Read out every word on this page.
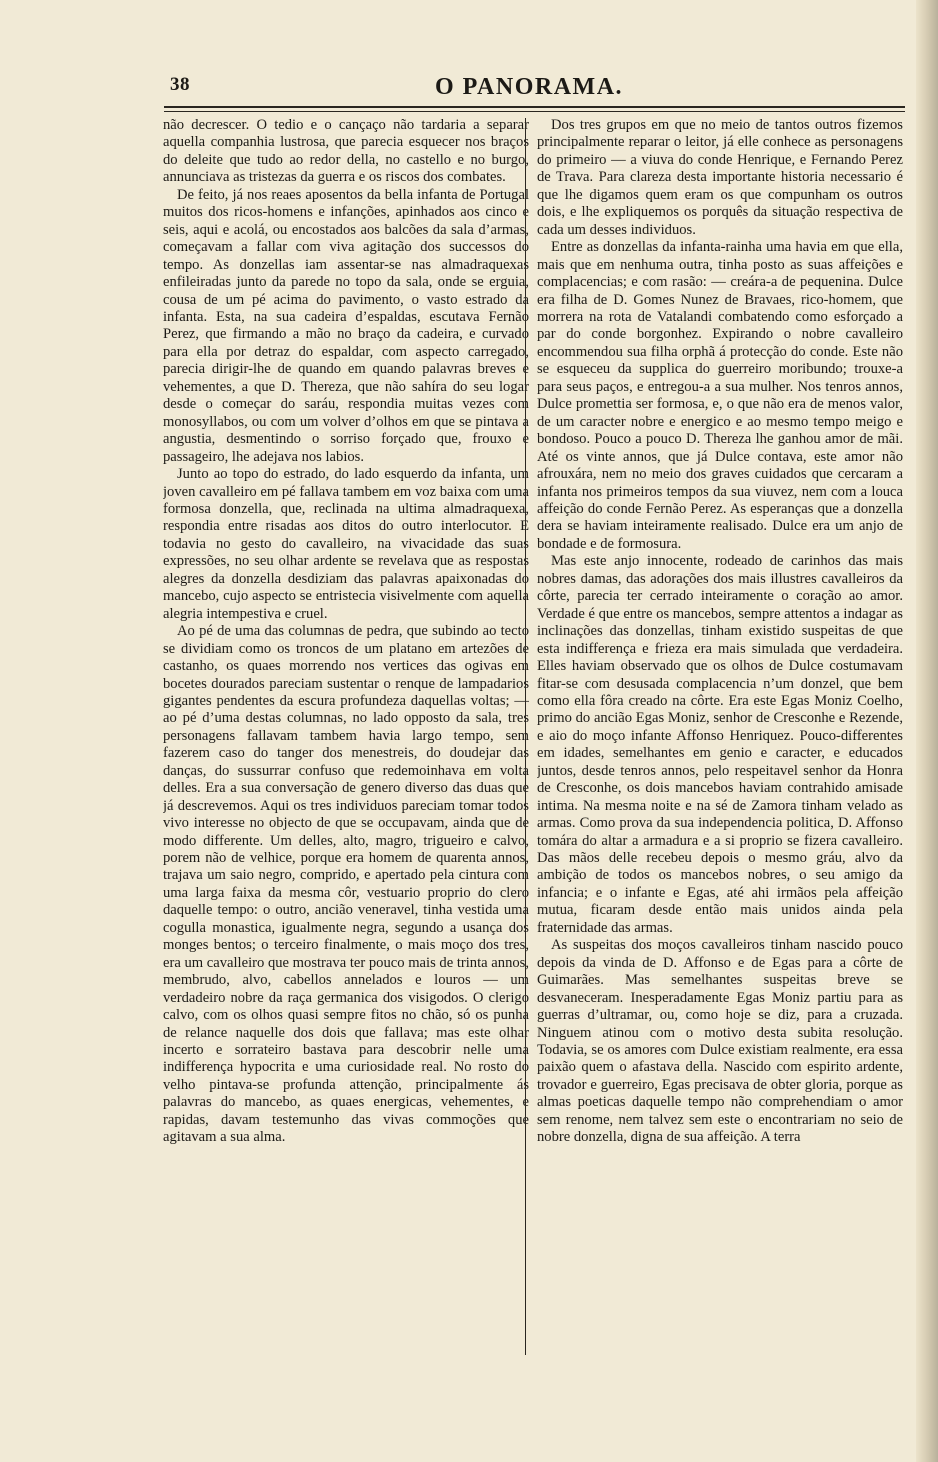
38	O PANORAMA.

não decrescer. O tedio e o cançaço não tardaria a separar aquella companhia lustrosa, que parecia esquecer nos braços do deleite que tudo ao redor della, no castello e no burgo, annunciava as tristezas da guerra e os riscos dos combates.

De feito, já nos reaes aposentos da bella infanta de Portugal muitos dos ricos-homens e infanções, apinhados aos cinco e seis, aqui e acolá, ou encostados aos balcões da sala d’armas, começavam a fallar com viva agitação dos successos do tempo. As donzellas iam assentar-se nas almadraquexas enfileiradas junto da parede no topo da sala, onde se erguia, cousa de um pé acima do pavimento, o vasto estrado da infanta. Esta, na sua cadeira d’espaldas, escutava Fernão Perez, que firmando a mão no braço da cadeira, e curvado para ella por detraz do espaldar, com aspecto carregado, parecia dirigir-lhe de quando em quando palavras breves e vehementes, a que D. Thereza, que não sahíra do seu logar desde o começar do saráu, respondia muitas vezes com monosyllabos, ou com um volver d’olhos em que se pintava a angustia, desmentindo o sorriso forçado que, frouxo e passageiro, lhe adejava nos labios.

Junto ao topo do estrado, do lado esquerdo da infanta, um joven cavalleiro em pé fallava tambem em voz baixa com uma formosa donzella, que, reclinada na ultima almadraquexa, respondia entre risadas aos ditos do outro interlocutor. E todavia no gesto do cavalleiro, na vivacidade das suas expressões, no seu olhar ardente se revelava que as respostas alegres da donzella desdiziam das palavras apaixonadas do mancebo, cujo aspecto se entristecia visivelmente com aquella alegria intempestiva e cruel.

Ao pé de uma das columnas de pedra, que subindo ao tecto se dividiam como os troncos de um platano em artezões de castanho, os quaes morrendo nos vertices das ogivas em bocetes dourados pareciam sustentar o renque de lampadarios gigantes pendentes da escura profundeza daquellas voltas; — ao pé d’uma destas columnas, no lado opposto da sala, tres personagens fallavam tambem havia largo tempo, sem fazerem caso do tanger dos menestreis, do doudejar das danças, do sussurrar confuso que redemoinhava em volta delles. Era a sua conversação de genero diverso das duas que já descrevemos. Aqui os tres individuos pareciam tomar todos vivo interesse no objecto de que se occupavam, ainda que de modo differente. Um delles, alto, magro, trigueiro e calvo, porem não de velhice, porque era homem de quarenta annos, trajava um saio negro, comprido, e apertado pela cintura com uma larga faixa da mesma côr, vestuario proprio do clero daquelle tempo: o outro, ancião veneravel, tinha vestida uma cogulla monastica, igualmente negra, segundo a usança dos monges bentos; o terceiro finalmente, o mais moço dos tres, era um cavalleiro que mostrava ter pouco mais de trinta annos, membrudo, alvo, cabellos annelados e louros — um verdadeiro nobre da raça germanica dos visigodos. O clerigo calvo, com os olhos quasi sempre fitos no chão, só os punha de relance naquelle dos dois que fallava; mas este olhar incerto e sorrateiro bastava para descobrir nelle uma indifferença hypocrita e uma curiosidade real. No rosto do velho pintava-se profunda attenção, principalmente ás palavras do mancebo, as quaes energicas, vehementes, e rapidas, davam testemunho das vivas commoções que agitavam a sua alma.

Dos tres grupos em que no meio de tantos outros fizemos principalmente reparar o leitor, já elle conhece as personagens do primeiro — a viuva do conde Henrique, e Fernando Perez de Trava. Para clareza desta importante historia necessario é que lhe digamos quem eram os que compunham os outros dois, e lhe expliquemos os porquês da situação respectiva de cada um desses individuos.

Entre as donzellas da infanta-rainha uma havia em que ella, mais que em nenhuma outra, tinha posto as suas affeições e complacencias; e com rasão: — creára-a de pequenina. Dulce era filha de D. Gomes Nunez de Bravaes, rico-homem, que morrera na rota de Vatalandi combatendo como esforçado a par do conde borgonhez. Expirando o nobre cavalleiro encommendou sua filha orphã á protecção do conde. Este não se esqueceu da supplica do guerreiro moribundo; trouxe-a para seus paços, e entregou-a a sua mulher. Nos tenros annos, Dulce promettia ser formosa, e, o que não era de menos valor, de um caracter nobre e energico e ao mesmo tempo meigo e bondoso. Pouco a pouco D. Thereza lhe ganhou amor de mãi. Até os vinte annos, que já Dulce contava, este amor não afrouxára, nem no meio dos graves cuidados que cercaram a infanta nos primeiros tempos da sua viuvez, nem com a louca affeição do conde Fernão Perez. As esperanças que a donzella dera se haviam inteiramente realisado. Dulce era um anjo de bondade e de formosura.

Mas este anjo innocente, rodeado de carinhos das mais nobres damas, das adorações dos mais illustres cavalleiros da côrte, parecia ter cerrado inteiramente o coração ao amor. Verdade é que entre os mancebos, sempre attentos a indagar as inclinações das donzellas, tinham existido suspeitas de que esta indifferença e frieza era mais simulada que verdadeira. Elles haviam observado que os olhos de Dulce costumavam fitar-se com desusada complacencia n’um donzel, que bem como ella fôra creado na côrte. Era este Egas Moniz Coelho, primo do ancião Egas Moniz, senhor de Cresconhe e Rezende, e aio do moço infante Affonso Henriquez. Pouco-differentes em idades, semelhantes em genio e caracter, e educados juntos, desde tenros annos, pelo respeitavel senhor da Honra de Cresconhe, os dois mancebos haviam contrahido amisade intima. Na mesma noite e na sé de Zamora tinham velado as armas. Como prova da sua independencia politica, D. Affonso tomára do altar a armadura e a si proprio se fizera cavalleiro. Das mãos delle recebeu depois o mesmo gráu, alvo da ambição de todos os mancebos nobres, o seu amigo da infancia; e o infante e Egas, até ahi irmãos pela affeição mutua, ficaram desde então mais unidos ainda pela fraternidade das armas.

As suspeitas dos moços cavalleiros tinham nascido pouco depois da vinda de D. Affonso e de Egas para a côrte de Guimarães. Mas semelhantes suspeitas breve se desvaneceram. Inesperadamente Egas Moniz partiu para as guerras d’ultramar, ou, como hoje se diz, para a cruzada. Ninguem atinou com o motivo desta subita resolução. Todavia, se os amores com Dulce existiam realmente, era essa paixão quem o afastava della. Nascido com espirito ardente, trovador e guerreiro, Egas precisava de obter gloria, porque as almas poeticas daquelle tempo não comprehendiam o amor sem renome, nem talvez sem este o encontrariam no seio de nobre donzella, digna de sua affeição. A terra
